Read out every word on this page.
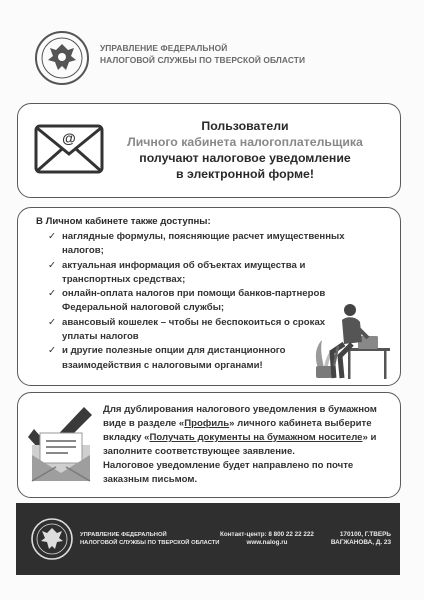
УПРАВЛЕНИЕ ФЕДЕРАЛЬНОЙ
НАЛОГОВОЙ СЛУЖБЫ ПО ТВЕРСКОЙ ОБЛАСТИ
@
Пользователи
Личного кабинета налогоплательщика
получают налоговое уведомление
в электронной форме!
В Личном кабинете также доступны:
✓ наглядные формулы, поясняющие расчет имущественных налогов;
✓ актуальная информация об объектах имущества и транспортных средствах;
✓ онлайн-оплата налогов при помощи банков-партнеров Федеральной налоговой службы;
✓ авансовый кошелек – чтобы не беспокоиться о сроках уплаты налогов
✓ и другие полезные опции для дистанционного взаимодействия с налоговыми органами!

Для дублирования налогового уведомления в бумажном виде в разделе «Профиль» личного кабинета выберите вкладку «Получать документы на бумажном носителе» и заполните соответствующее заявление.

Налоговое уведомление будет направлено по почте заказным письмом.

УПРАВЛЕНИЕ ФЕДЕРАЛЬНОЙ
НАЛОГОВОЙ СЛУЖБЫ ПО ТВЕРСКОЙ ОБЛАСТИ
Контакт-центр: 8 800 22 22 222
www.nalog.ru
170100, Г.ТВЕРЬ
ВАГЖАНОВА, Д. 23
